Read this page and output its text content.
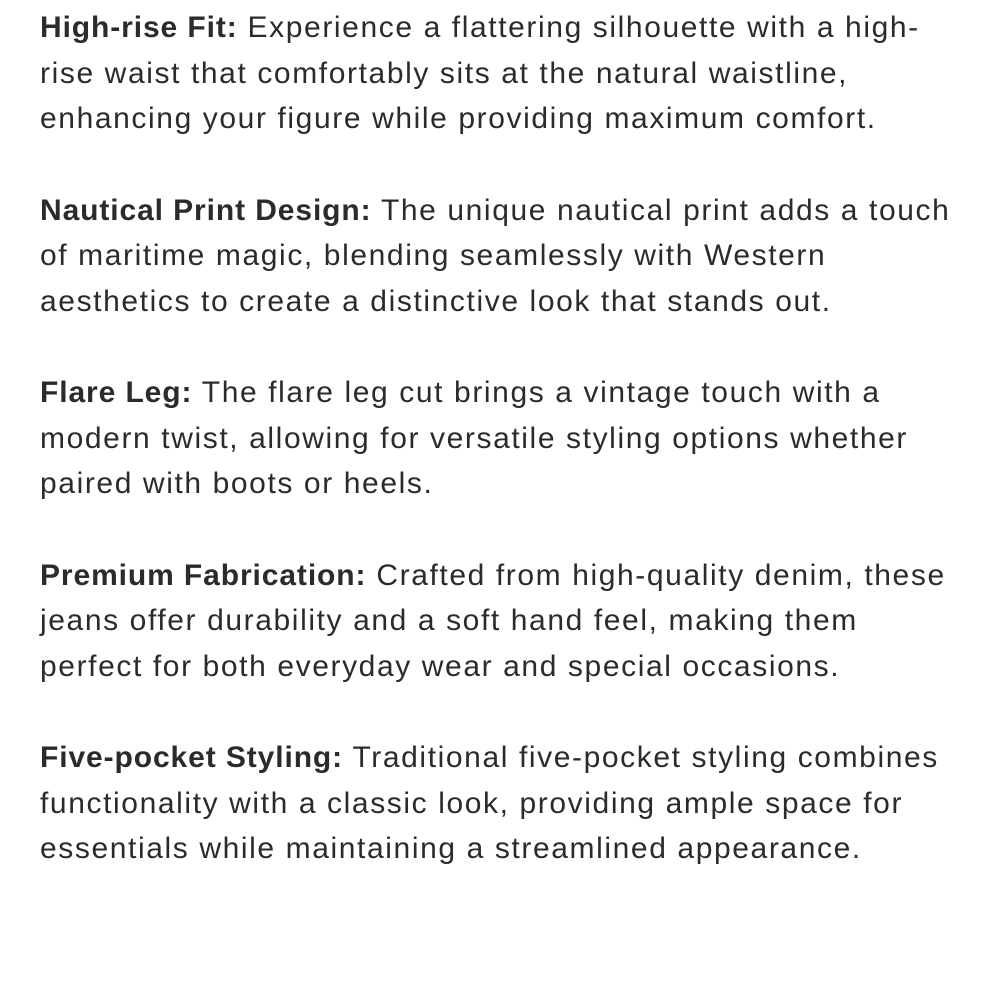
High-rise Fit: Experience a flattering silhouette with a high-rise waist that comfortably sits at the natural waistline, enhancing your figure while providing maximum comfort.

Nautical Print Design: The unique nautical print adds a touch of maritime magic, blending seamlessly with Western aesthetics to create a distinctive look that stands out.

Flare Leg: The flare leg cut brings a vintage touch with a modern twist, allowing for versatile styling options whether paired with boots or heels.

Premium Fabrication: Crafted from high-quality denim, these jeans offer durability and a soft hand feel, making them perfect for both everyday wear and special occasions.

Five-pocket Styling: Traditional five-pocket styling combines functionality with a classic look, providing ample space for essentials while maintaining a streamlined appearance.
